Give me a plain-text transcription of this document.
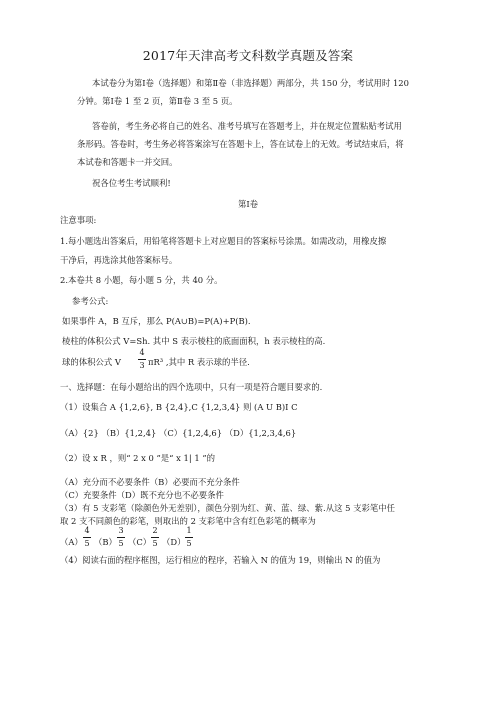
2017年天津高考文科数学真题及答案
本试卷分为第Ⅰ卷（选择题）和第Ⅱ卷（非选择题）两部分，共 150 分，考试用时 120
分钟。第Ⅰ卷 1 至 2 页，第Ⅱ卷 3 至 5 页。
答卷前，考生务必将自己的姓名、准考号填写在答题考上，并在规定位置粘贴考试用
条形码。答卷时，考生务必将答案涂写在答题卡上，答在试卷上的无效。考试结束后，将
本试卷和答题卡一并交回。
祝各位考生考试顺利!
第Ⅰ卷
注意事项:
1.每小题选出答案后，用铅笔将答题卡上对应题目的答案标号涂黑。如需改动，用橡皮擦
干净后，再选涂其他答案标号。
2.本卷共 8 小题，每小题 5 分，共 40 分。
参考公式:
如果事件 A，B 互斥，那么 P(A∪B)=P(A)+P(B).
棱柱的体积公式 V=Sh. 其中 S 表示棱柱的底面面积，h 表示棱柱的高.
球的体积公式 V
4
3 πR³ ,其中 R 表示球的半径.
一、选择题：在每小题给出的四个选项中，只有一项是符合题目要求的.
（1）设集合 A {1,2,6}, B {2,4},C {1,2,3,4} 则 (A U B)I C
（A）{2} （B）{1,2,4} （C）{1,2,4,6} （D）{1,2,3,4,6}
（2）设 x R ，则“ 2 x 0 ”是“ x 1| 1 ”的
（A）充分而不必要条件（B）必要而不充分条件
（C）充要条件（D）既不充分也不必要条件
（3）有 5 支彩笔（除颜色外无差别），颜色分别为红、黄、蓝、绿、紫.从这 5 支彩笔中任
取 2 支不同颜色的彩笔，则取出的 2 支彩笔中含有红色彩笔的概率为
（A）
4
5 （B）
3
5 （C）
2
5 （D）
1
5
（4）阅读右面的程序框图，运行相应的程序，若输入 N 的值为 19，则输出 N 的值为
